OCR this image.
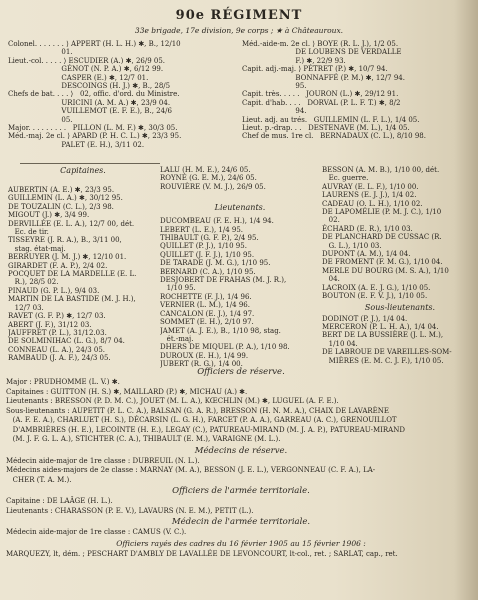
90e RÉGIMENT
33e brigade, 17e division, 9e corps ; ★ à Châteauroux.
Colonel. . . . . . . ⟩ APPERT (H. L. H.) ✱, B., 12/10
01.
Lieut.-col. . . . . ⟩ ESCUDIER (A.) ✱, 26/9 05.
GÉNOT (N. P. A.) ✱, 6/12 99.
CASPER (E.) ✱, 12/7 01.
DESCOINGS (H. J.) ✱, B., 28/5
Chefs de bat. . . . ⟩   02, offic. d'ord. du Ministre.
URICINI (A. M. A.) ✱, 23/9 04.
VUILLEMOT (E. F. E.), B., 24/6
05.
Major. . . . . . . . .   PILLON (L. M. F.) ✱, 30/3 05.
Méd.-maj. 2e cl. ⟩ APARD (P. H. C. L.) ✱, 23/3 95.
PALET (E. H.), 3/11 02.
Méd.-aide-m. 2e cl. ⟩ BOYÉ (R. L. J.), 1/2 05.
DE LOUBENS DE VERDALLE
F.) ✱, 22/9 93.
Capit. adj.-maj. ⟩ PÉTRET (P.) ✱, 10/7 94.
BONNAFFÉ (P. M.) ✱, 12/7 94.
95.
Capit. très. . . . .   JOURON (L.) ✱, 29/12 91.
Capit. d'hab. . . .   DORVAL (P. L. F. T.) ✱, 8/2
94.
Lieut. adj. au trés.   GUILLEMIN (L. F. L.), 1/4 05.
Lieut. p.-drap. . .   DESTENAVE (M. L.), 1/4 05.
Chef de mus. 1re cl.   BERNADAUX (C. L.), 8/10 98.
Capitaines.
AUBERTIN (A. E.) ✱, 23/3 95.
GUILLEMIN (L. A.) ✱, 30/12 95.
DE TOUZALIN (C. L.), 2/3 98.
MIGOUT (J.) ✱, 3/4 99.
DERVILLÉE (E. L. A.), 12/7 00, dét.
Ec. de tir.
TISSEYRE (J. R. A.), B., 3/11 00,
stag. état-maj.
BERRUYER (J. M. J.) ✱, 12/10 01.
GIRARDET (F. A. P.), 2/4 02.
POCQUET DE LA MARDELLE (E. L.
R.), 28/5 02.
PINAUD (G. P. L.), 9/4 03.
MARTIN DE LA BASTIDE (M. J. H.),
12/7 03.
RAVET (G. F. P.) ✱, 12/7 03.
ABERT (J. F.), 31/12 03.
JAUFFRET (P. L.), 31/12.03.
DE SOLMINIHAC (L. G.), 8/7 04.
CONNEAU (L. A.), 24/3 05.
RAMBAUD (J. A. F.), 24/3 05.
LALU (H. M. E.), 24/6 05.
ROYNÉ (G. E. M.), 24/6 05.
ROUVIÈRE (V. M. J.), 26/9 05.
Lieutenants.
DUCOMBEAU (F. E. H.), 1/4 94.
LEBERT (L. E.), 1/4 95.
THIBAULT (G. F. P.), 2/4 95.
QUILLET (P. J.), 1/10 95.
QUILLET (J. F. J.), 1/10 95.
DE TARADE (J. M. G.), 1/10 95.
BERNARD (C. A.), 1/10 95.
DESJOBERT DE FRAHAS (M. J. R.),
1/10 95.
ROCHETTE (F. J.), 1/4 96.
VERNIER (L. M.), 1/4 96.
CANCALON (E. J.), 1/4 97.
SOMMET (E. H.), 2/10 97.
JAMET (A. J. E.), B., 1/10 98, stag.
ét.-maj.
DHERS DE MIQUEL (P. A.), 1/10 98.
DUROUX (E. H.), 1/4 99.
JUBERT (R. G.), 1/4 00.
BESSON (A. M. B.), 1/10 00, dét.
Ec. guerre.
AUVRAY (E. L. F.), 1/10 00.
LAURENS (E. J. J.), 1/4 02.
CADEAU (O. L. H.), 1/10 02.
DE LAPOMÉLIE (P. M. J. C.), 1/10
02.
ÉCHARD (E. R.), 1/10 03.
DE PLANCHARD DE CUSSAC (R.
G. L.), 1/10 03.
DUPONT (A. M.), 1/4 04.
DE FROMENT (F. M. G.), 1/10 04.
MERLE DU BOURG (M. S. A.), 1/10
04.
LACROIX (A. E. J. G.), 1/10 05.
BOUTON (E. F. V. J.), 1/10 05.
Sous-lieutenants.
DODINOT (P. J.), 1/4 04.
MERCERON (P. L. H. A.), 1/4 04.
BERT DE LA BUSSIÈRE (J. L. M.),
1/10 04.
DE LABROUE DE VAREILLES-SOM-
MIÈRES (E. M. C. J. F.), 1/10 05.
Officiers de réserve.
Major : PRUDHOMME (L. V.) ✱.
Capitaines : GUITTON (H. S.) ✱, MAILLARD (P.) ✱, MICHAU (A.) ✱.
Lieutenants : BRESSON (P. D. M. C.), JOUET (M. L. A.), KŒCHLIN (M.) ✱, LUGUEL (A. F. E.).
Sous-lieutenants : AUPETIT (P. L. C. A.), BALSAN (G. A. R.), BRESSON (H. N. M. A.), CHAIX DE LAVARÈNE
(A. F. E. A.), CHARLUET (H. S.), DÉCARSIN (L. G. H.), FARCET (P. A. A.), GARREAU (A. C.), GRENOUILLOT
D'AMBRIÈRES (H. E.), LECOINTE (H. E.), LEGAY (C.), PATUREAU-MIRAND (M. J. A. P.), PATUREAU-MIRAND
(M. J. F. G. L. A.), STICHTER (C. A.), THIBAULT (E. M.), VARAIGNE (M. L.).
Médecins de réserve.
Médecin aide-major de 1re classe : DUBREUIL (N. L.).
Médecins aides-majors de 2e classe : MARNAY (M. A.), BESSON (J. E. L.), VERGONNEAU (C. F. A.), LA-
CHER (T. A. M.).
Officiers de l'armée territoriale.
Capitaine : DE LAÂGE (H. L.).
Lieutenants : CHARASSON (P. E. V.), LAVAURS (N. E. M.), PETIT (L.).
Médecin de l'armée territoriale.
Médecin aide-major de 1re classe : CAMUS (V. C.).
Officiers rayés des cadres du 16 février 1905 au 15 février 1906 :
MARQUEZY, lt, dém. ; PESCHART D'AMBLY DE LAVALLÉE DE LEVONCOURT, lt-col., ret. ; SARLAT, cap., ret.
